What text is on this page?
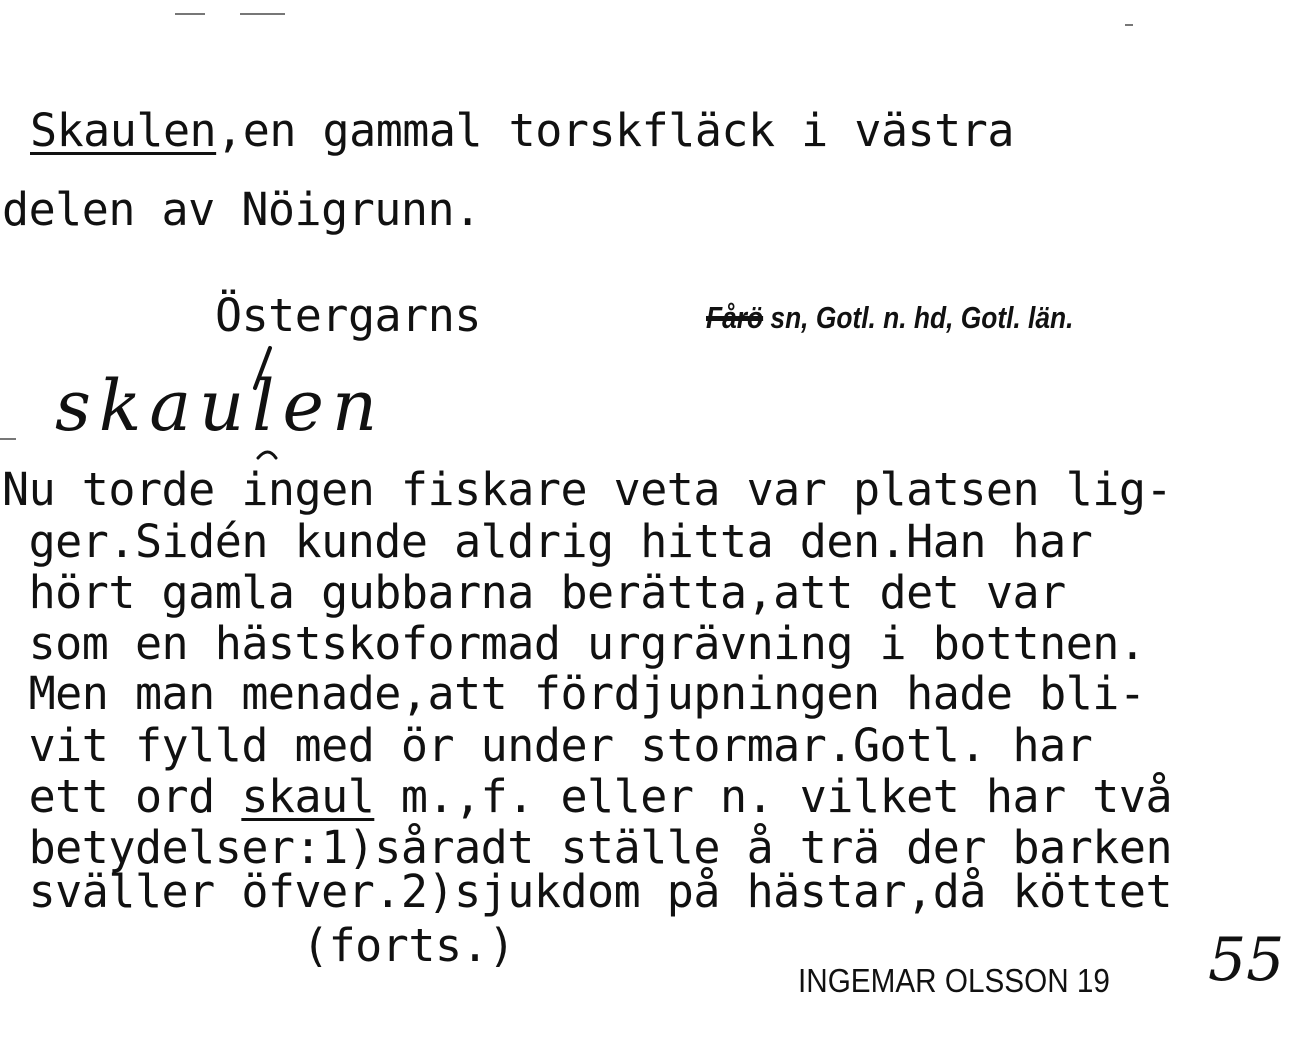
Skaulen,en gammal torskfläck i västra
delen av Nöigrunn.
Östergarns	Fårö sn, Gotl. n. hd, Gotl. län.
skaulen
Nu torde ingen fiskare veta var platsen lig-
ger.Sidén kunde aldrig hitta den.Han har
hört gamla gubbarna berätta,att det var
som en hästskoformad urgrävning i bottnen.
Men man menade,att fördjupningen hade bli-
vit fylld med ör under stormar.Gotl. har
ett ord skaul m.,f. eller n. vilket har två
betydelser:1)såradt ställe å trä der barken
sväller öfver.2)sjukdom på hästar,då köttet
(forts.)
INGEMAR OLSSON 19 55
